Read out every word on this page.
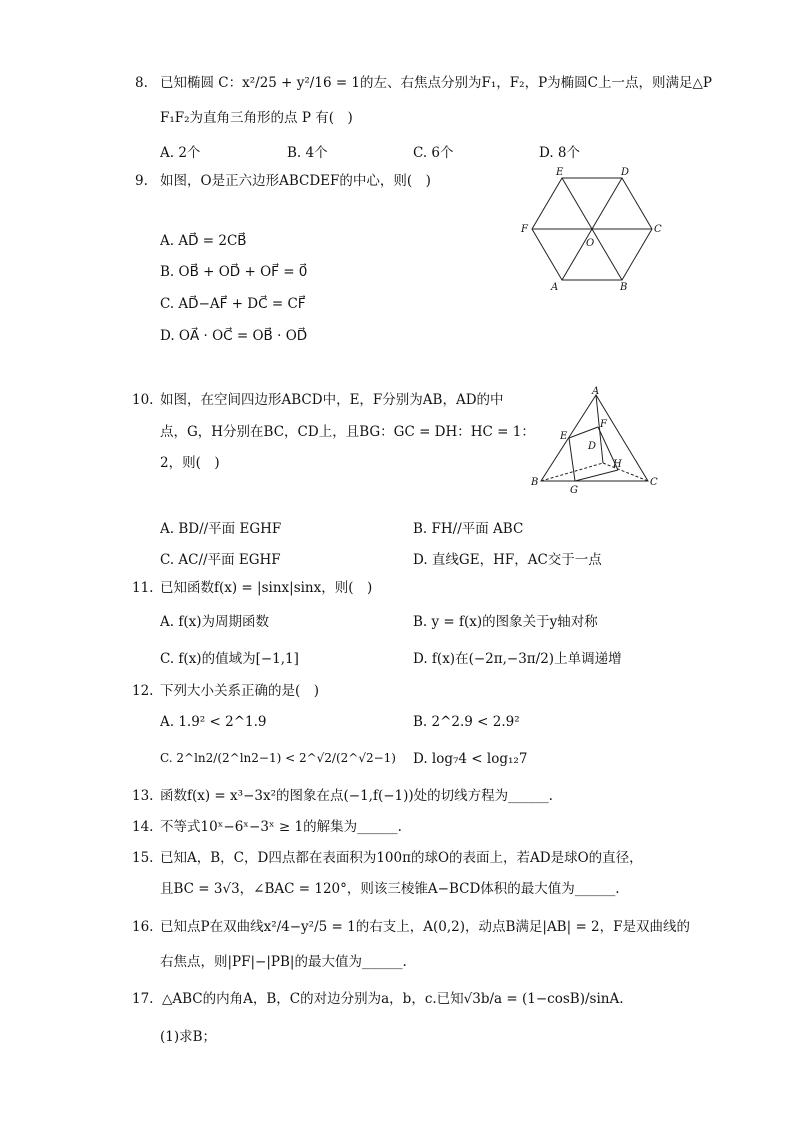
8. 已知椭圆 C：x²/25 + y²/16 = 1的左、右焦点分别为F₁，F₂，P为椭圆C上一点，则满足△P
F₁F₂为直角三角形的点 P 有(　)
A. 2个	B. 4个	C. 6个	D. 8个
9. 如图，O是正六边形ABCDEF的中心，则(　)
A. AD⃗ = 2CB⃗
B. OB⃗ + OD⃗ + OF⃗ = 0⃗
C. AD⃗−AF⃗ + DC⃗ = CF⃗
D. OA⃗ · OC⃗ = OB⃗ · OD⃗
E	D
F
O
C
A	B
10. 如图，在空间四边形ABCD中，E，F分别为AB，AD的中
点，G，H分别在BC，CD上，且BG：GC = DH：HC = 1：
2，则(　)
A. BD//平面 EGHF	B. FH//平面 ABC
C. AC//平面 EGHF	D. 直线GE，HF，AC交于一点
A
E
F
D
H
B
G
C
11. 已知函数f(x) = |sinx|sinx，则(　)
A. f(x)为周期函数	B. y = f(x)的图象关于y轴对称
C. f(x)的值域为[−1,1]	D. f(x)在(−2π,−3π/2)上单调递增
12. 下列大小关系正确的是(　)
A. 1.9² < 2^1.9	B. 2^2.9 < 2.9²
C. 2^ln2/(2^ln2−1) < 2^√2/(2^√2−1) D. log₇4 < log₁₂7
13. 函数f(x) = x³−3x²的图象在点(−1,f(−1))处的切线方程为______.
14. 不等式10ˣ−6ˣ−3ˣ ≥ 1的解集为______.
15. 已知A，B，C，D四点都在表面积为100π的球O的表面上，若AD是球O的直径，
且BC = 3√3，∠BAC = 120°，则该三棱锥A−BCD体积的最大值为______.
16. 已知点P在双曲线x²/4−y²/5 = 1的右支上，A(0,2)，动点B满足|AB| = 2，F是双曲线的
右焦点，则|PF|−|PB|的最大值为______.
17. △ABC的内角A，B，C的对边分别为a，b，c.已知√3b/a = (1−cosB)/sinA.
(1)求B；
